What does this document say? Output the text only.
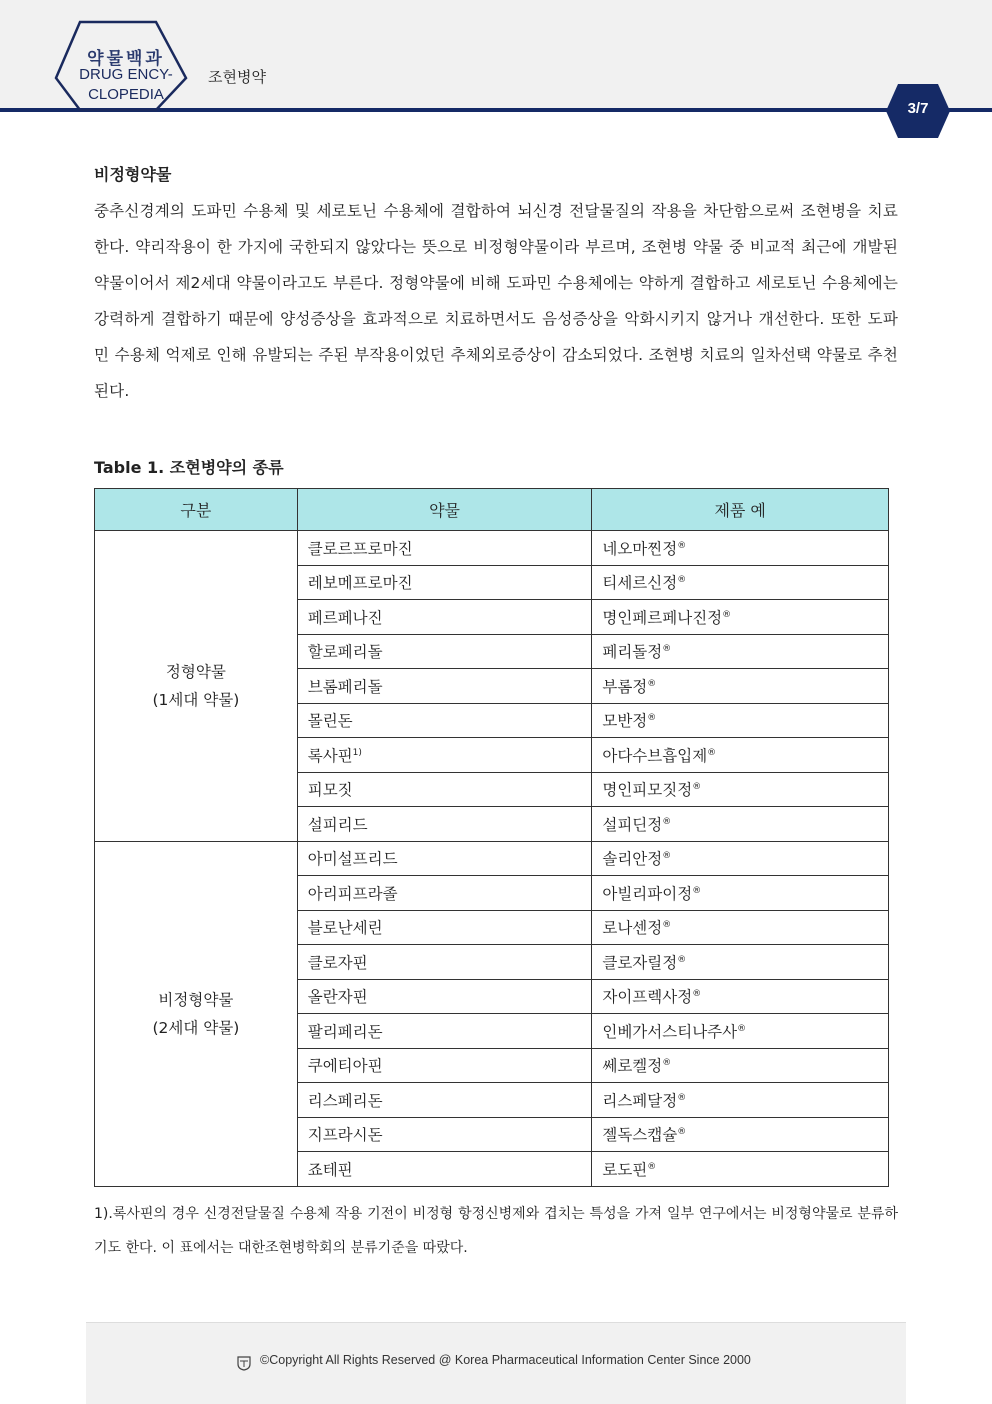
약물백과
DRUG ENCY-
CLOPEDIA
조현병약
3/7
비정형약물
중추신경계의 도파민 수용체 및 세로토닌 수용체에 결합하여 뇌신경 전달물질의 작용을 차단함으로써 조현병을 치료한다. 약리작용이 한 가지에 국한되지 않았다는 뜻으로 비정형약물이라 부르며, 조현병 약물 중 비교적 최근에 개발된 약물이어서 제2세대 약물이라고도 부른다. 정형약물에 비해 도파민 수용체에는 약하게 결합하고 세로토닌 수용체에는 강력하게 결합하기 때문에 양성증상을 효과적으로 치료하면서도 음성증상을 악화시키지 않거나 개선한다. 또한 도파민 수용체 억제로 인해 유발되는 주된 부작용이었던 추체외로증상이 감소되었다. 조현병 치료의 일차선택 약물로 추천된다.
Table 1. 조현병약의 종류
구분	약물	제품 예

정형약물
(1세대 약물)	클로르프로마진	네오마찐정®
	레보메프로마진	티세르신정®
	페르페나진	명인페르페나진정®
	할로페리돌	페리돌정®
	브롬페리돌	부롬정®
	몰린돈	모반정®
	록사핀$^{1)}$	아다수브흡입제®
	피모짓	명인피모짓정®
	설피리드	설피딘정®

비정형약물
(2세대 약물)	아미설프리드	솔리안정®
	아리피프라졸	아빌리파이정®
	블로난세린	로나센정®
	클로자핀	클로자릴정®
	올란자핀	자이프렉사정®
	팔리페리돈	인베가서스티나주사®
	쿠에티아핀	쎄로켈정®
	리스페리돈	리스페달정®
	지프라시돈	젤독스캡슐®
	죠테핀	로도핀®
1).록사핀의 경우 신경전달물질 수용체 작용 기전이 비정형 항정신병제와 겹치는 특성을 가져 일부 연구에서는 비정형약물로 분류하기도 한다. 이 표에서는 대한조현병학회의 분류기준을 따랐다.
©Copyright All Rights Reserved @ Korea Pharmaceutical Information Center Since 2000
